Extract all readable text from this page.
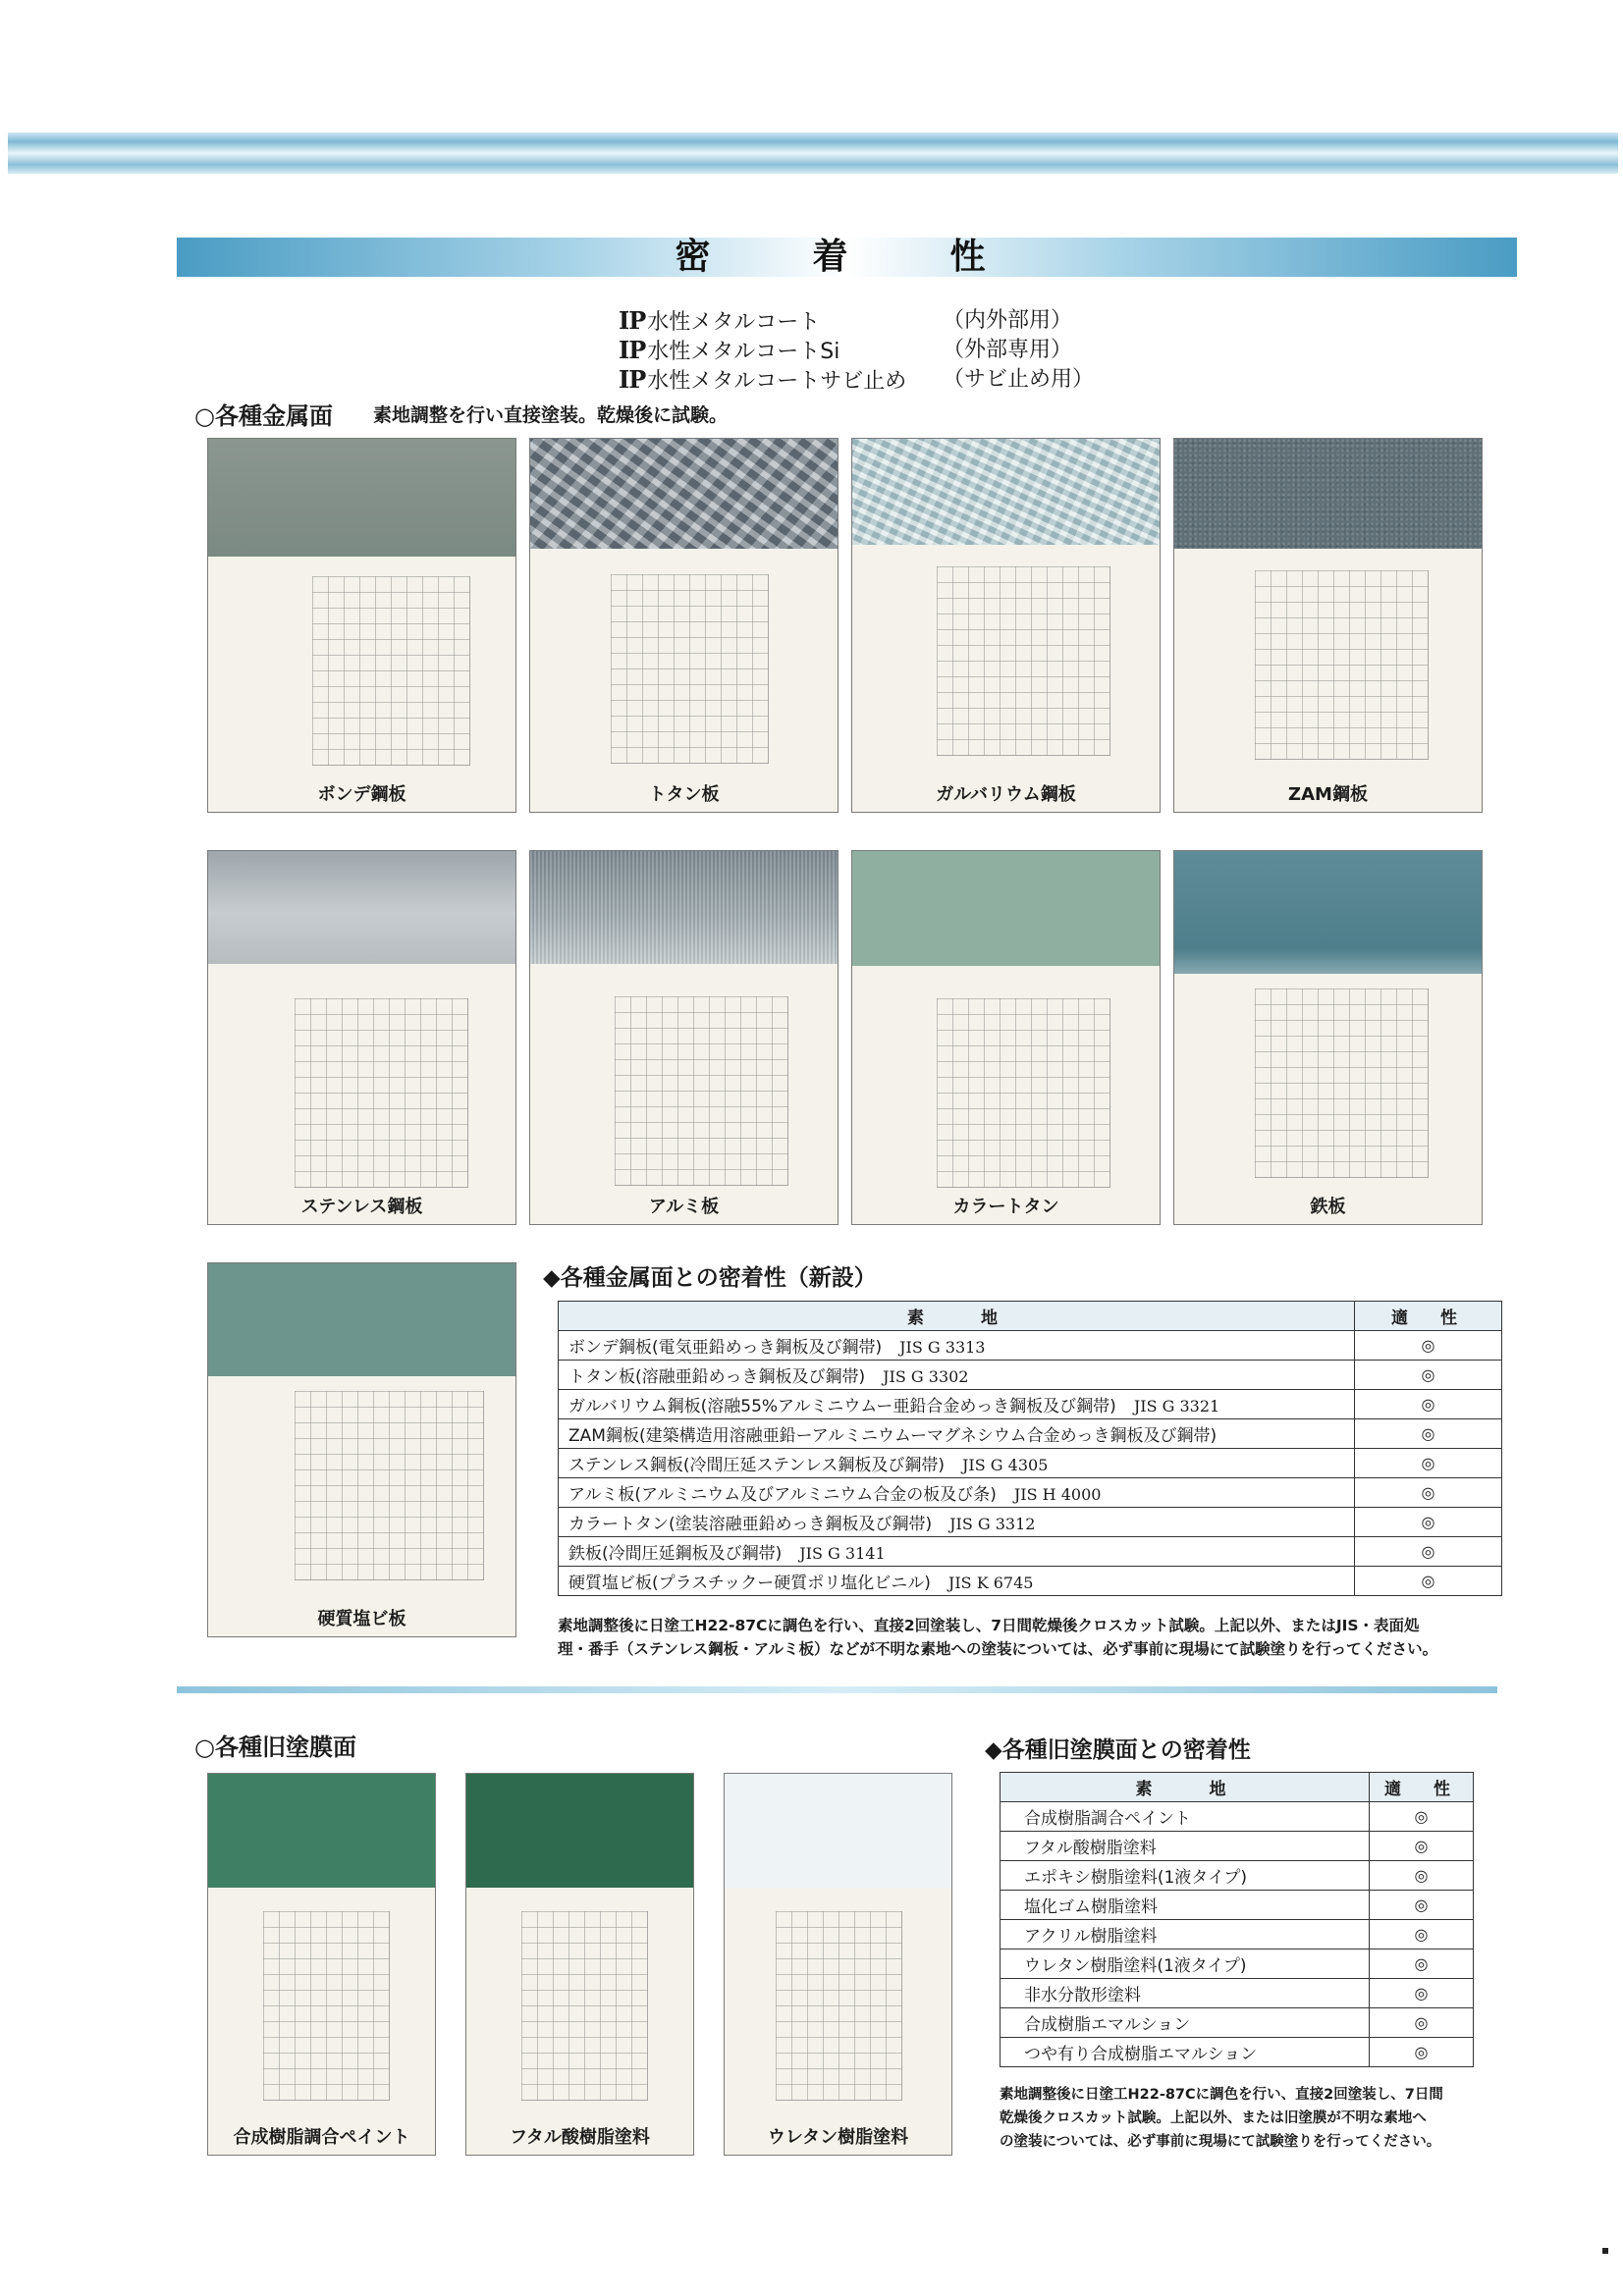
密　着　性
IP水性メタルコート	（内外部用）
IP水性メタルコートSi	（外部専用）
IP水性メタルコートサビ止め （サビ止め用）
○各種金属面 素地調整を行い直接塗装。乾燥後に試験。
ボンデ鋼板	トタン板	ガルバリウム鋼板	ZAM鋼板
ステンレス鋼板	アルミ板	カラートタン	鉄板
硬質塩ビ板
◆各種金属面との密着性（新設）
素　　地	適　性
ボンデ鋼板(電気亜鉛めっき鋼板及び鋼帯) JIS G 3313	◎
トタン板(溶融亜鉛めっき鋼板及び鋼帯) JIS G 3302	◎
ガルバリウム鋼板(溶融55%アルミニウムー亜鉛合金めっき鋼板及び鋼帯) JIS G 3321	◎
ZAM鋼板(建築構造用溶融亜鉛ーアルミニウムーマグネシウム合金めっき鋼板及び鋼帯)	◎
ステンレス鋼板(冷間圧延ステンレス鋼板及び鋼帯) JIS G 4305	◎
アルミ板(アルミニウム及びアルミニウム合金の板及び条) JIS H 4000	◎
カラートタン(塗装溶融亜鉛めっき鋼板及び鋼帯) JIS G 3312	◎
鉄板(冷間圧延鋼板及び鋼帯) JIS G 3141	◎
硬質塩ビ板(プラスチックー硬質ポリ塩化ビニル) JIS K 6745	◎
素地調整後に日塗工H22-87Cに調色を行い、直接2回塗装し、7日間乾燥後クロスカット試験。上記以外、またはJIS・表面処
理・番手（ステンレス鋼板・アルミ板）などが不明な素地への塗装については、必ず事前に現場にて試験塗りを行ってください。
○各種旧塗膜面
合成樹脂調合ペイント	フタル酸樹脂塗料	ウレタン樹脂塗料
◆各種旧塗膜面との密着性
素　　地	適　性
合成樹脂調合ペイント	◎
フタル酸樹脂塗料	◎
エポキシ樹脂塗料(1液タイプ)	◎
塩化ゴム樹脂塗料	◎
アクリル樹脂塗料	◎
ウレタン樹脂塗料(1液タイプ)	◎
非水分散形塗料	◎
合成樹脂エマルション	◎
つや有り合成樹脂エマルション	◎
素地調整後に日塗工H22-87Cに調色を行い、直接2回塗装し、7日間
乾燥後クロスカット試験。上記以外、または旧塗膜が不明な素地へ
の塗装については、必ず事前に現場にて試験塗りを行ってください。
